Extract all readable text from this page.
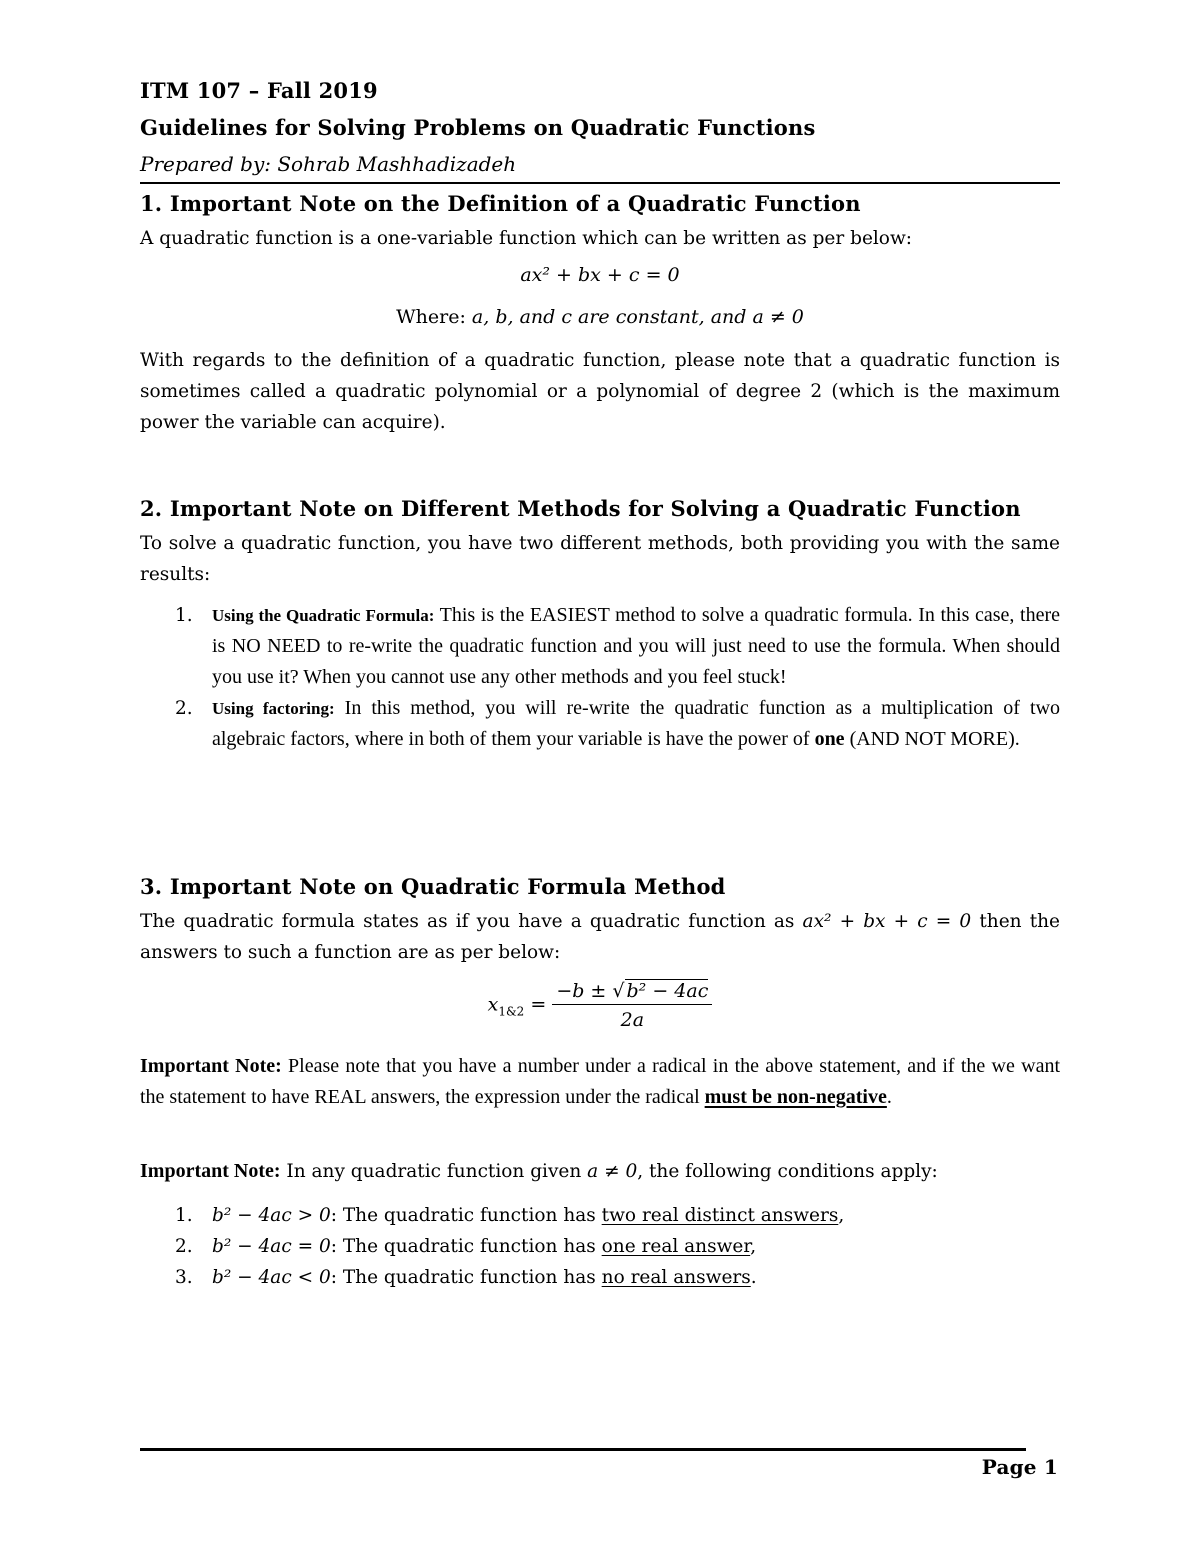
ITM 107 – Fall 2019
Guidelines for Solving Problems on Quadratic Functions
Prepared by: Sohrab Mashhadizadeh
1. Important Note on the Definition of a Quadratic Function
A quadratic function is a one-variable function which can be written as per below:
ax² + bx + c = 0
Where: a, b, and c are constant, and a ≠ 0
With regards to the definition of a quadratic function, please note that a quadratic function is sometimes called a quadratic polynomial or a polynomial of degree 2 (which is the maximum power the variable can acquire).
2. Important Note on Different Methods for Solving a Quadratic Function
To solve a quadratic function, you have two different methods, both providing you with the same results:
1. Using the Quadratic Formula: This is the EASIEST method to solve a quadratic formula. In this case, there is NO NEED to re-write the quadratic function and you will just need to use the formula. When should you use it? When you cannot use any other methods and you feel stuck!
2. Using factoring: In this method, you will re-write the quadratic function as a multiplication of two algebraic factors, where in both of them your variable is have the power of one (AND NOT MORE).
3. Important Note on Quadratic Formula Method
The quadratic formula states as if you have a quadratic function as ax² + bx + c = 0 then the answers to such a function are as per below:
$x_{1\&2} = \frac{\text{−b ± √ b² − 4ac}}{2a}$
Important Note: Please note that you have a number under a radical in the above statement, and if the we want the statement to have REAL answers, the expression under the radical must be non-negative.
Important Note: In any quadratic function given a ≠ 0, the following conditions apply:
1. b² − 4ac > 0: The quadratic function has two real distinct answers,
2. b² − 4ac = 0: The quadratic function has one real answer,
3. b² − 4ac < 0: The quadratic function has no real answers.
Page 1
